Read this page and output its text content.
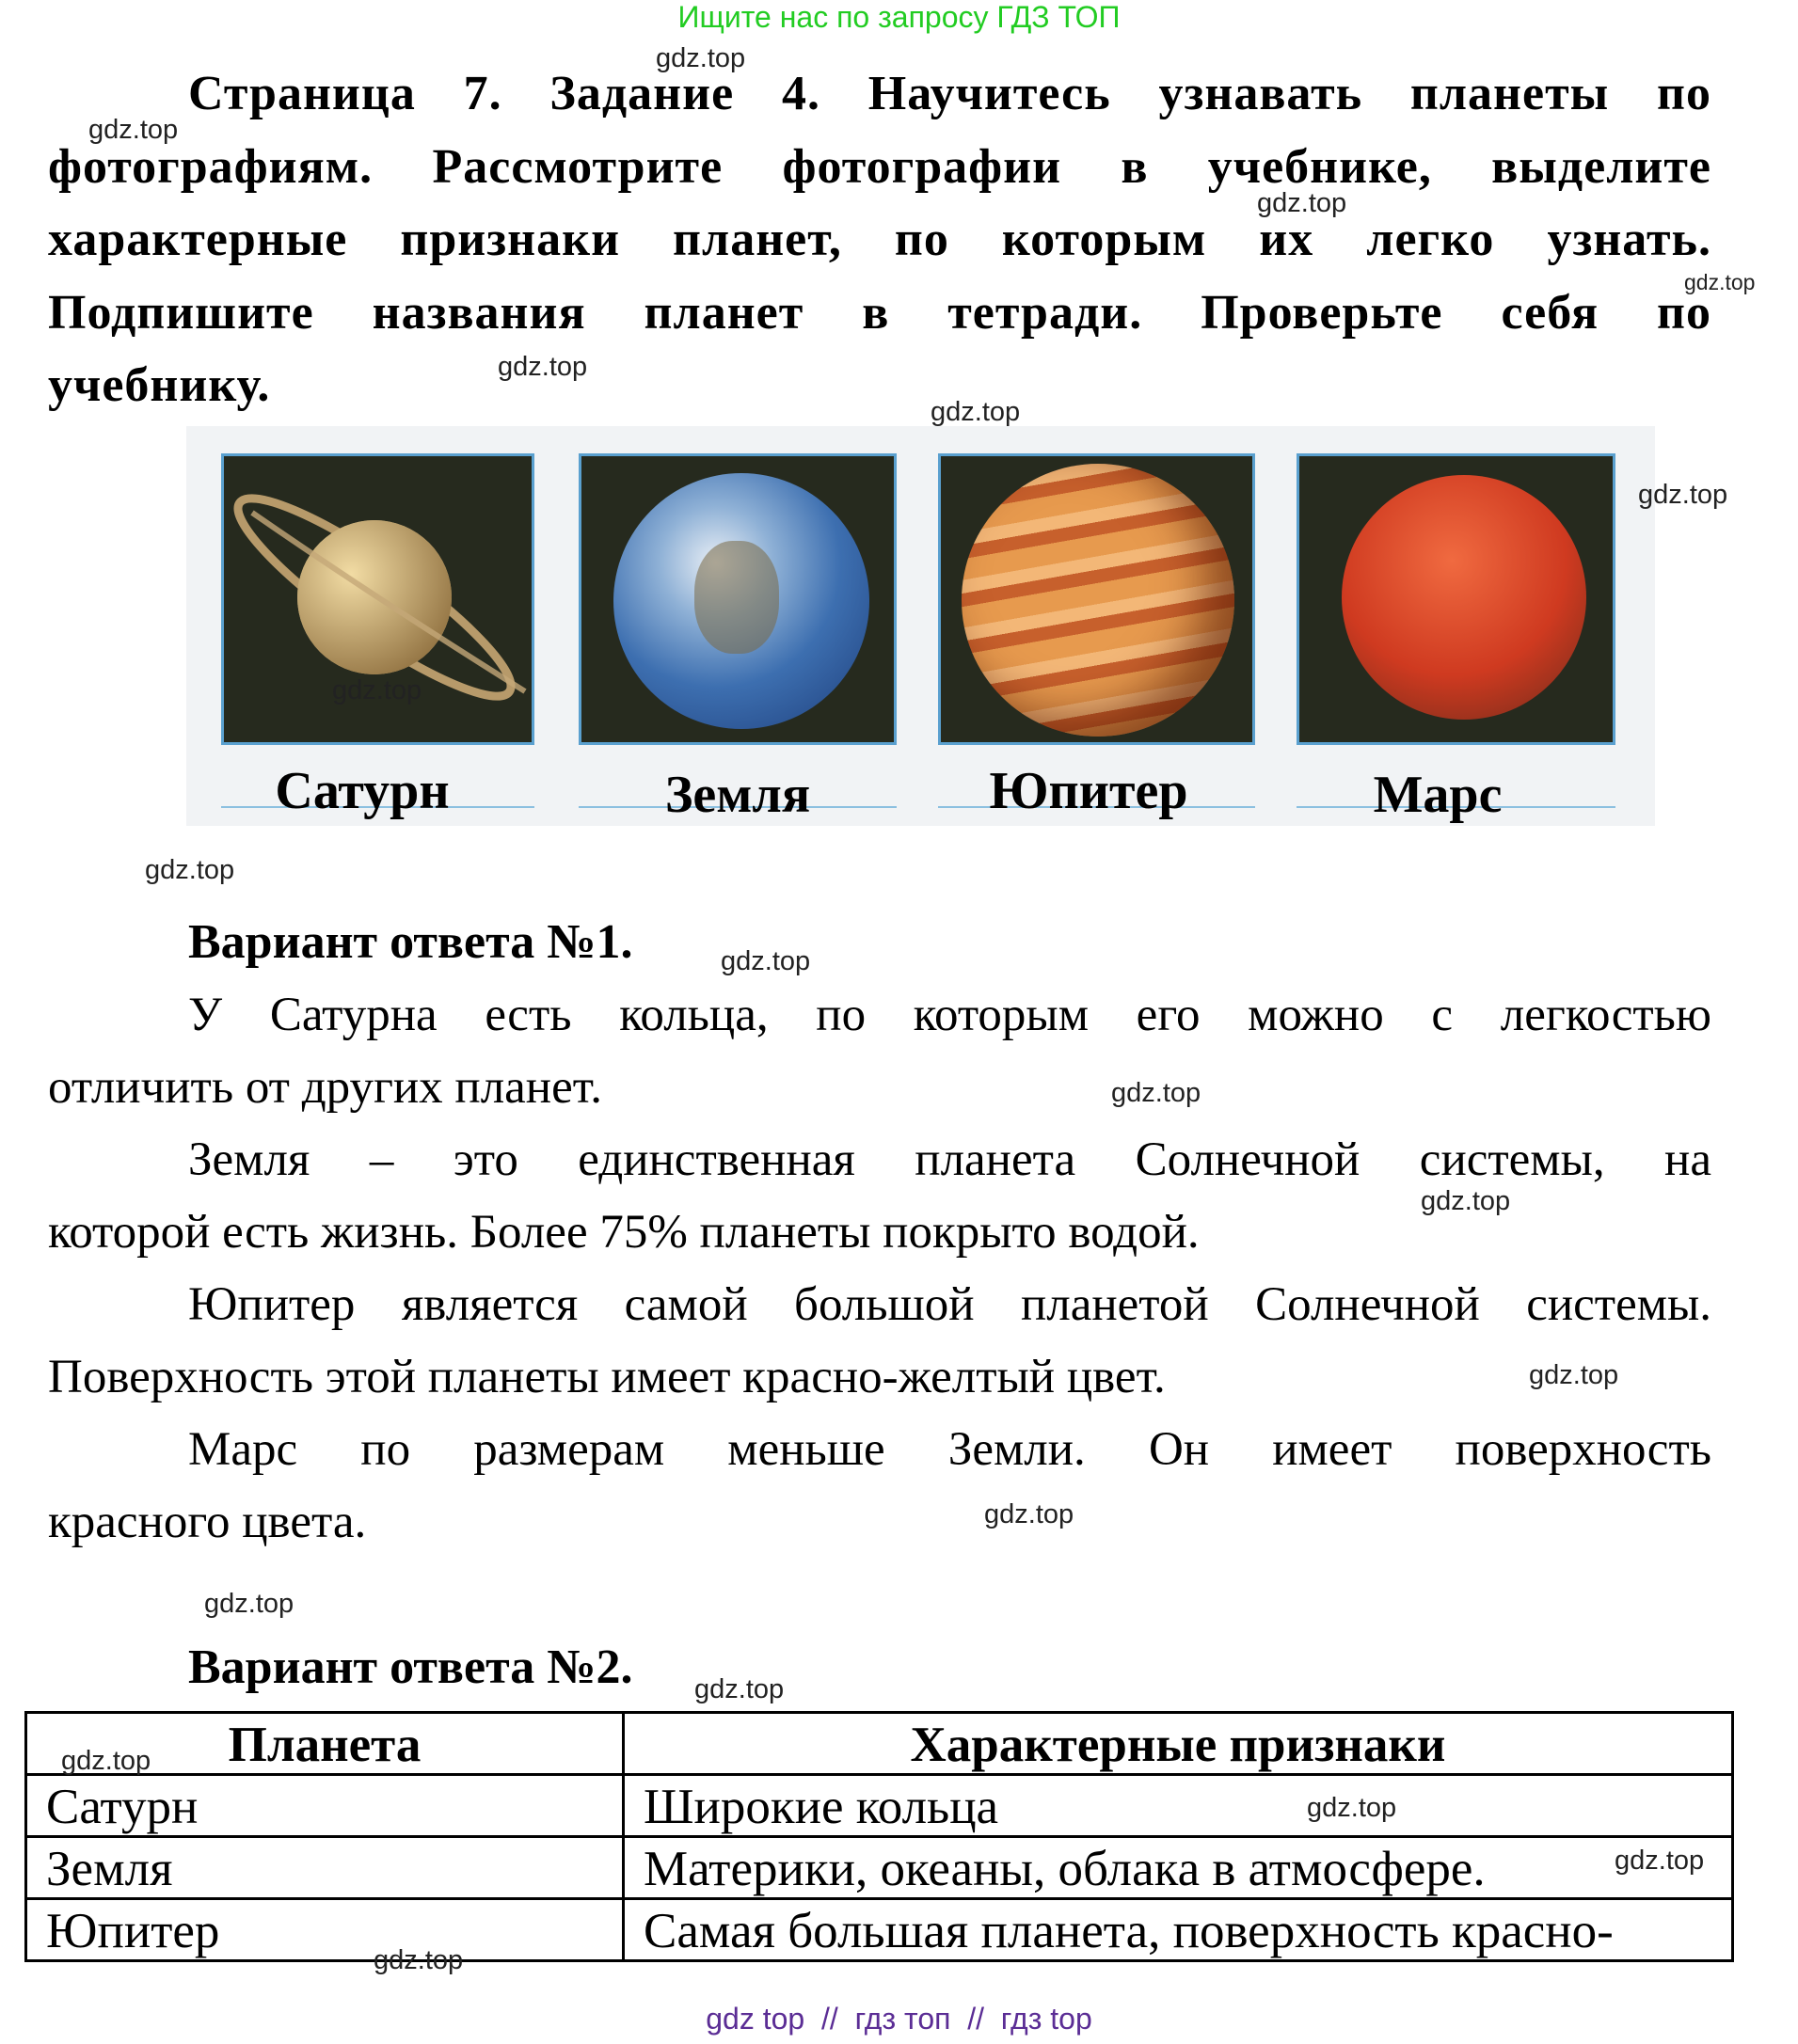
Ищите нас по запросу ГДЗ ТОП
Страница 7. Задание 4. Научитесь узнавать планеты по
фотографиям. Рассмотрите фотографии в учебнике, выделите
характерные признаки планет, по которым их легко узнать.
Подпишите названия планет в тетради. Проверьте себя по
учебнику.
Сатурн	Земля	Юпитер	Марс
Вариант ответа №1.
У Сатурна есть кольца, по которым его можно с легкостью
отличить от других планет.
Земля – это единственная планета Солнечной системы, на
которой есть жизнь. Более 75% планеты покрыто водой.
Юпитер является самой большой планетой Солнечной системы.
Поверхность этой планеты имеет красно-желтый цвет.
Марс по размерам меньше Земли. Он имеет поверхность
красного цвета.
Вариант ответа №2.
Планета	Характерные признаки
Сатурн	Широкие кольца
Земля	Материки, океаны, облака в атмосфере.
Юпитер	Самая большая планета, поверхность красно-
gdz.top
gdz.top
gdz.top
gdz.top
gdz.top
gdz.top
gdz.top
gdz.top
gdz.top
gdz.top
gdz.top
gdz.top
gdz.top
gdz.top
gdz.top
gdz.top
gdz.top
gdz.top
gdz.top
gdz.top
gdz top  //  гдз топ  //  гдз top
